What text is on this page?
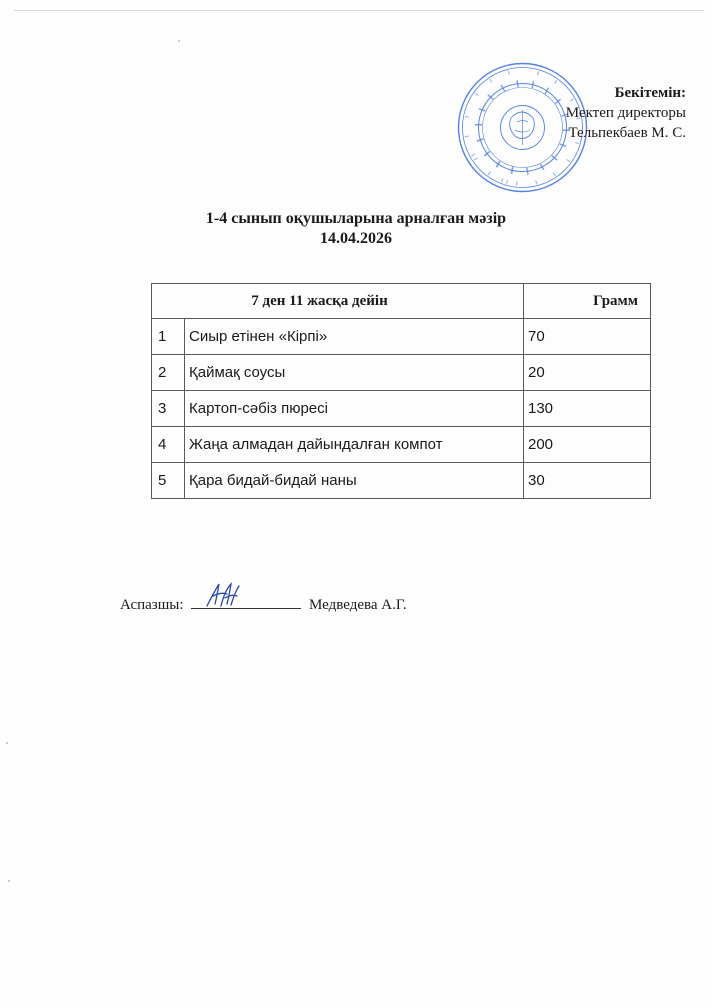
Бекітемін:
Мектеп директоры
Тельпекбаев М. С.
1-4 сынып оқушыларына арналған мәзір
14.04.2026
7 ден 11 жасқа дейін		Грамм
1	Сиыр етінен «Кірпі»	70
2	Қаймақ соусы	20
3	Картоп-сәбіз пюресі	130
4	Жаңа алмадан дайындалған компот	200
5	Қара бидай-бидай наны	30
Аспазшы:	Медведева А.Г.
